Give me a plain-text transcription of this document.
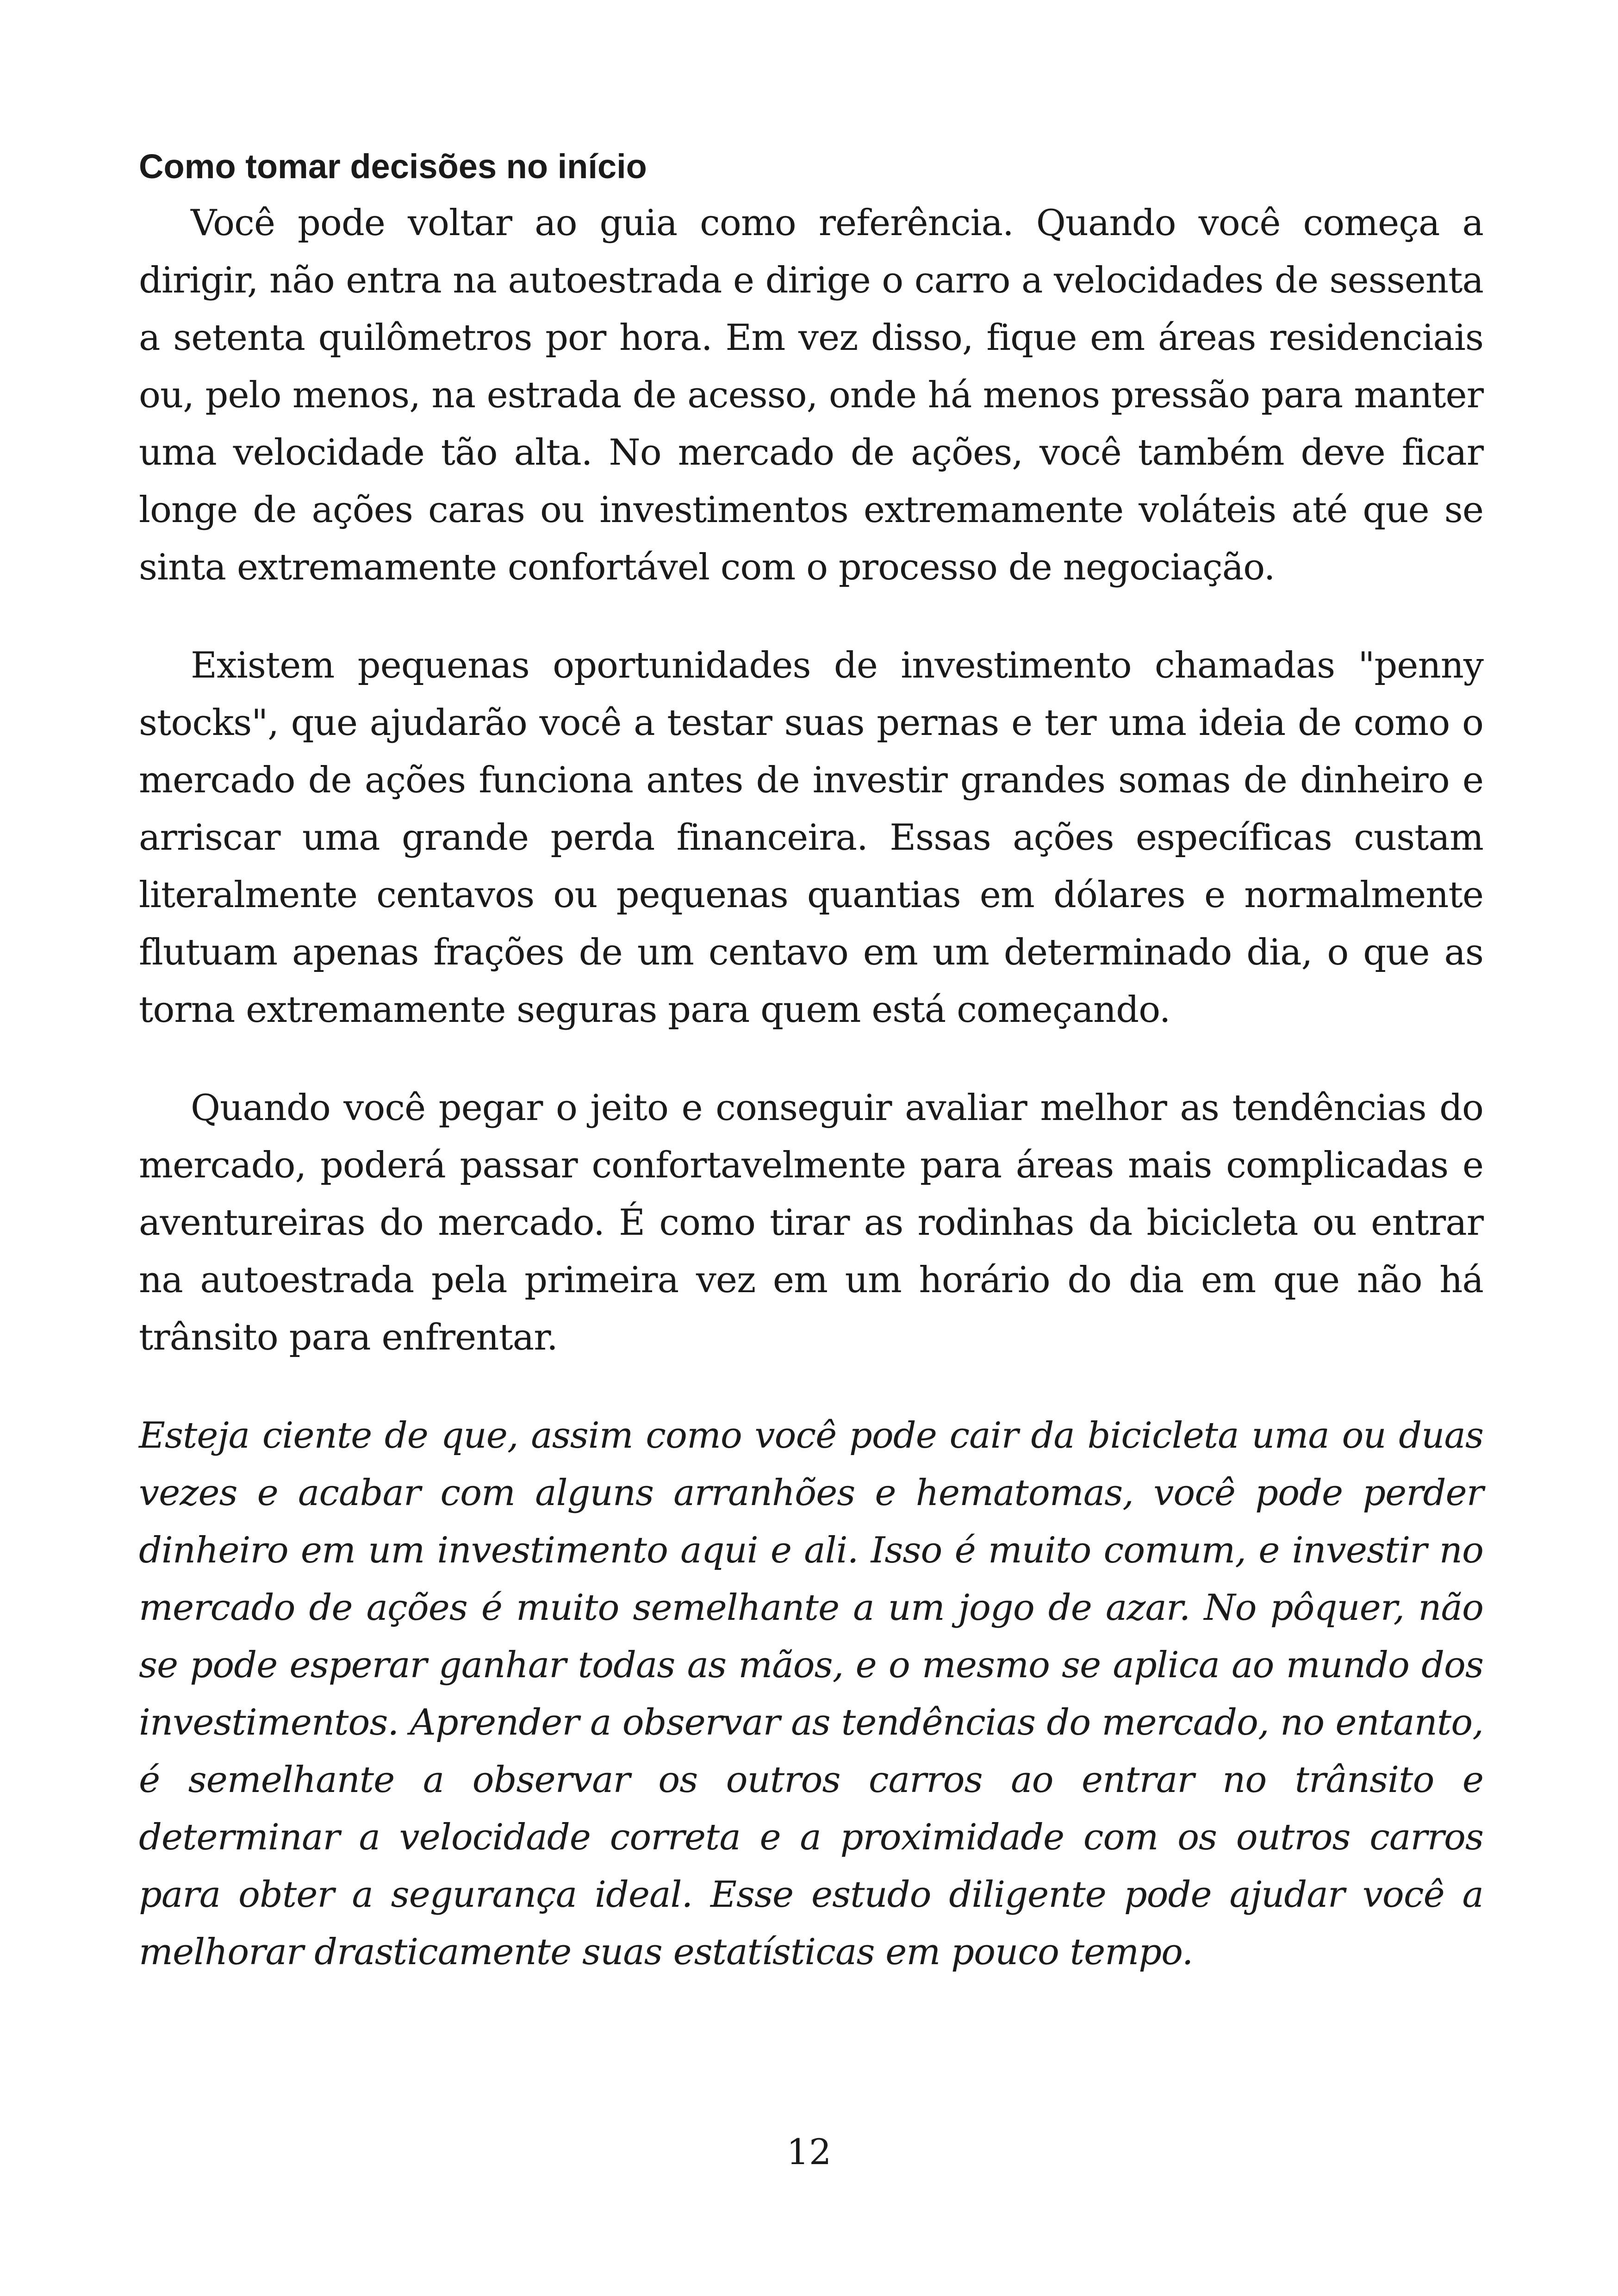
Como tomar decisões no início

Você pode voltar ao guia como referência. Quando você começa a dirigir, não entra na autoestrada e dirige o carro a velocidades de sessenta a setenta quilômetros por hora. Em vez disso, fique em áreas residenciais ou, pelo menos, na estrada de acesso, onde há menos pressão para manter uma velocidade tão alta. No mercado de ações, você também deve ficar longe de ações caras ou investimentos extremamente voláteis até que se sinta extremamente confortável com o processo de negociação.

Existem pequenas oportunidades de investimento chamadas "penny stocks", que ajudarão você a testar suas pernas e ter uma ideia de como o mercado de ações funciona antes de investir grandes somas de dinheiro e arriscar uma grande perda financeira. Essas ações específicas custam literalmente centavos ou pequenas quantias em dólares e normalmente flutuam apenas frações de um centavo em um determinado dia, o que as torna extremamente seguras para quem está começando.

Quando você pegar o jeito e conseguir avaliar melhor as tendências do mercado, poderá passar confortavelmente para áreas mais complicadas e aventureiras do mercado. É como tirar as rodinhas da bicicleta ou entrar na autoestrada pela primeira vez em um horário do dia em que não há trânsito para enfrentar.

Esteja ciente de que, assim como você pode cair da bicicleta uma ou duas vezes e acabar com alguns arranhões e hematomas, você pode perder dinheiro em um investimento aqui e ali. Isso é muito comum, e investir no mercado de ações é muito semelhante a um jogo de azar. No pôquer, não se pode esperar ganhar todas as mãos, e o mesmo se aplica ao mundo dos investimentos. Aprender a observar as tendências do mercado, no entanto, é semelhante a observar os outros carros ao entrar no trânsito e determinar a velocidade correta e a proximidade com os outros carros para obter a segurança ideal. Esse estudo diligente pode ajudar você a melhorar drasticamente suas estatísticas em pouco tempo.

12
